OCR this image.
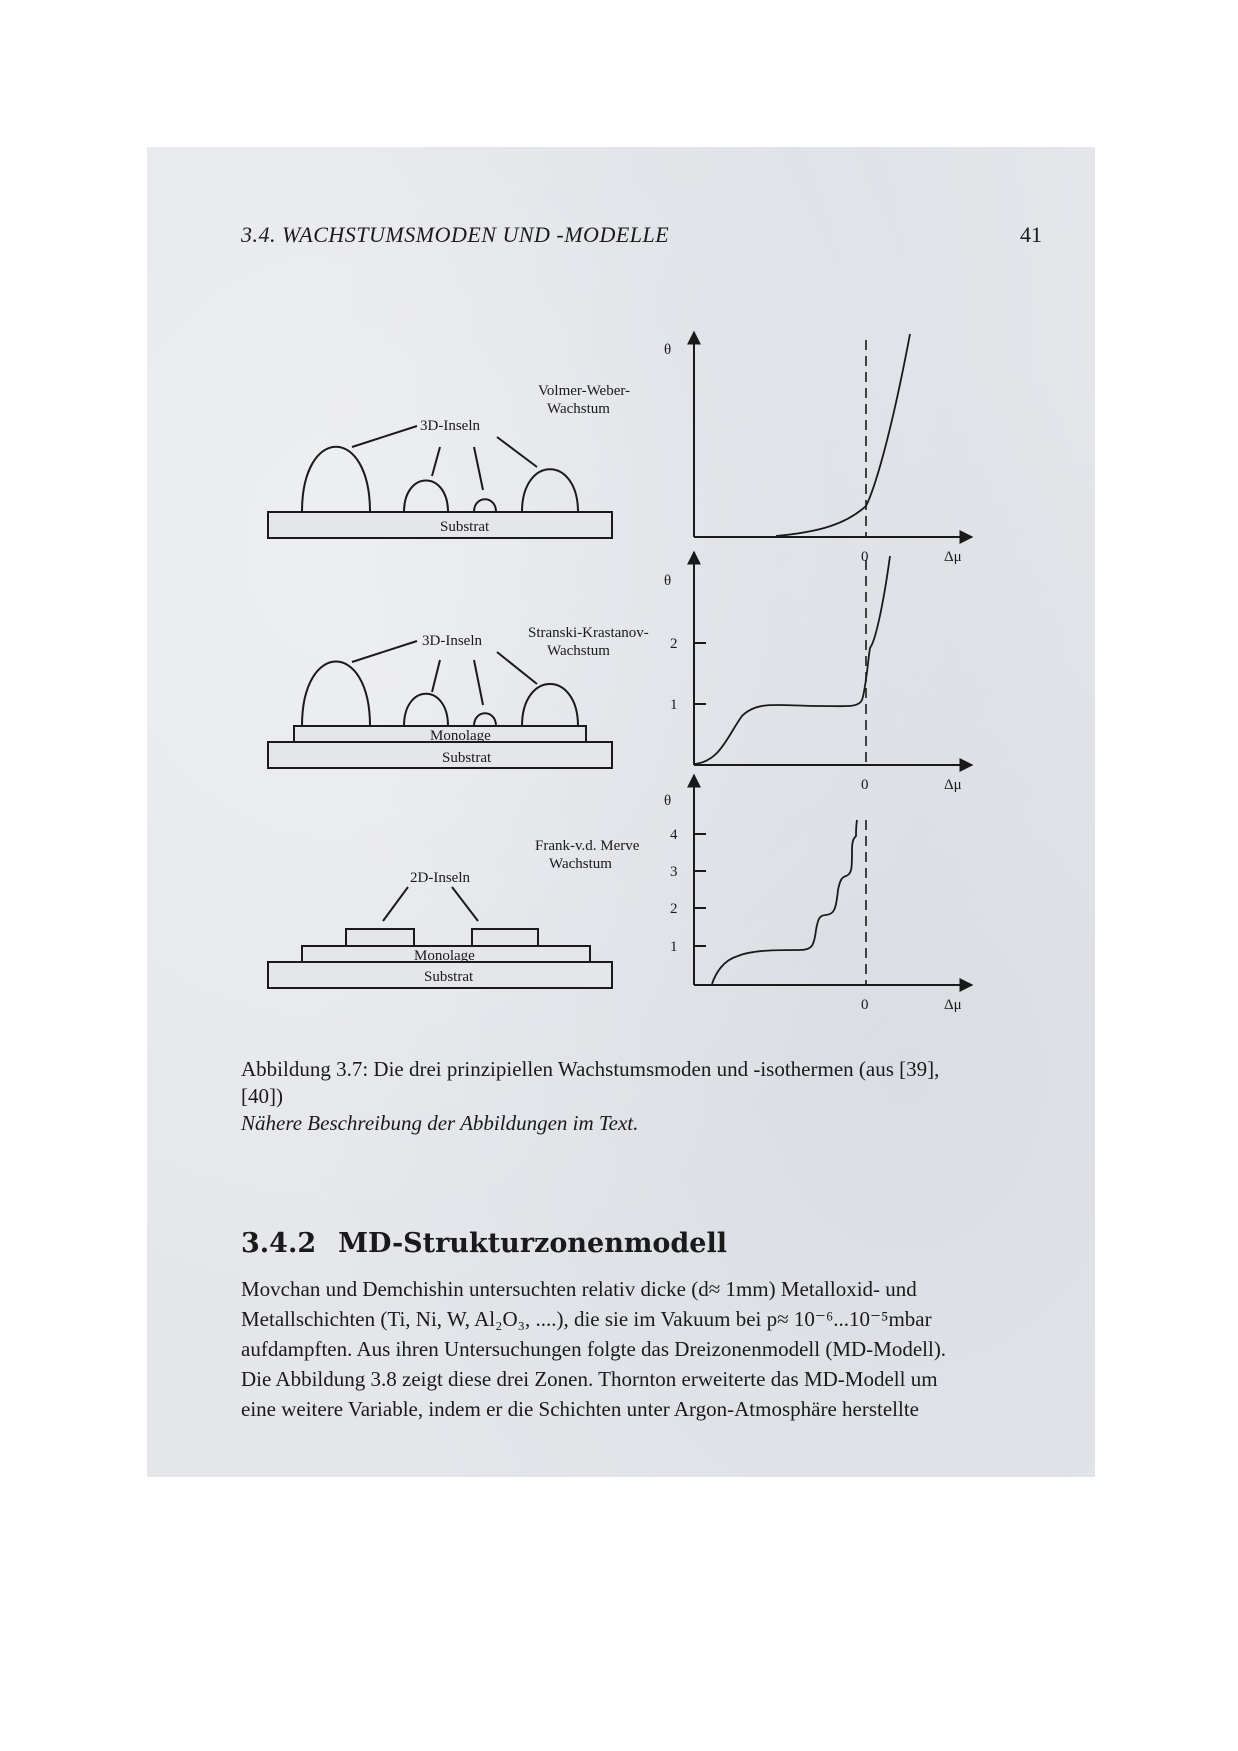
3.4. WACHSTUMSMODEN UND -MODELLE	41
Volmer-Weber-
Wachstum
3D-Inseln
Substrat
θ
0	Δμ
Stranski-Krastanov-
Wachstum
3D-Inseln
Monolage
Substrat
θ
2
1
0	Δμ
Frank-v.d. Merve
Wachstum
2D-Inseln
Monolage
Substrat
θ
4
3
2
1
0	Δμ
Abbildung 3.7: Die drei prinzipiellen Wachstumsmoden und -isothermen (aus [39],
[40])
Nähere Beschreibung der Abbildungen im Text.
3.4.2 MD-Strukturzonenmodell
Movchan und Demchishin untersuchten relativ dicke (d≈ 1mm) Metalloxid- und
Metallschichten (Ti, Ni, W, Al₂O₃, ....), die sie im Vakuum bei p≈ 10⁻⁶...10⁻⁵mbar
aufdampften. Aus ihren Untersuchungen folgte das Dreizonenmodell (MD-Modell).
Die Abbildung 3.8 zeigt diese drei Zonen. Thornton erweiterte das MD-Modell um
eine weitere Variable, indem er die Schichten unter Argon-Atmosphäre herstellte
